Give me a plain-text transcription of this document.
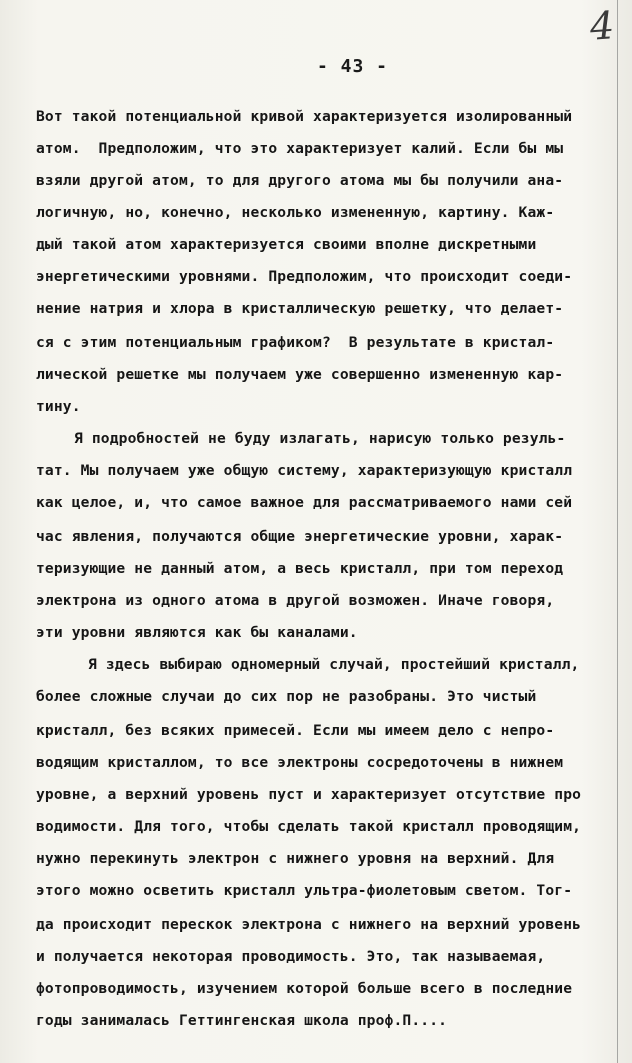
4
- 43 -
Вот такой потенциальной кривой характеризуется изолированный
атом.  Предположим, что это характеризует калий. Если бы мы
взяли другой атом, то для другого атома мы бы получили ана-
логичную, но, конечно, несколько измененную, картину. Каж-
дый такой атом характеризуется своими вполне дискретными
энергетическими уровнями. Предположим, что происходит соеди-
нение натрия и хлора в кристаллическую решетку, что делает-
ся с этим потенциальным графиком?  В результате в кристал-
лической решетке мы получаем уже совершенно измененную кар-
тину.
Я подробностей не буду излагать, нарисую только резуль-
тат. Мы получаем уже общую систему, характеризующую кристалл
как целое, и, что самое важное для рассматриваемого нами сей
час явления, получаются общие энергетические уровни, харак-
теризующие не данный атом, а весь кристалл, при том переход
электрона из одного атома в другой возможен. Иначе говоря,
эти уровни являются как бы каналами.
Я здесь выбираю одномерный случай, простейший кристалл,
более сложные случаи до сих пор не разобраны. Это чистый
кристалл, без всяких примесей. Если мы имеем дело с непро-
водящим кристаллом, то все электроны сосредоточены в нижнем
уровне, а верхний уровень пуст и характеризует отсутствие про
водимости. Для того, чтобы сделать такой кристалл проводящим,
нужно перекинуть электрон с нижнего уровня на верхний. Для
этого можно осветить кристалл ультра-фиолетовым светом. Тог-
да происходит перескок электрона с нижнего на верхний уровень
и получается некоторая проводимость. Это, так называемая,
фотопроводимость, изучением которой больше всего в последние
годы занималась Геттингенская школа проф.П....
